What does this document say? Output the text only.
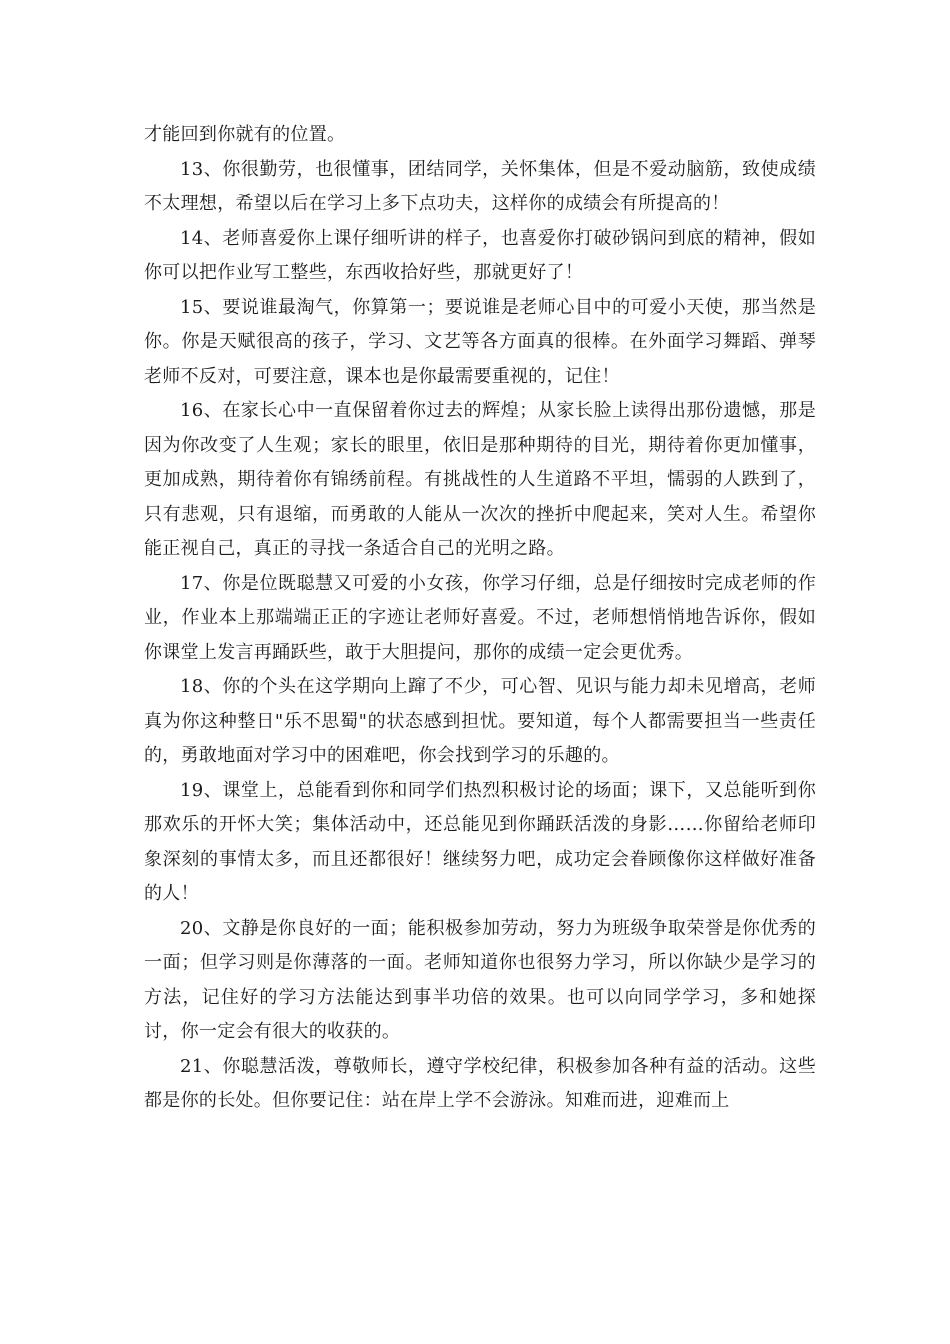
才能回到你就有的位置。

13、你很勤劳，也很懂事，团结同学，关怀集体，但是不爱动脑筋，致使成绩不太理想，希望以后在学习上多下点功夫，这样你的成绩会有所提高的！

14、老师喜爱你上课仔细听讲的样子，也喜爱你打破砂锅问到底的精神，假如你可以把作业写工整些，东西收拾好些，那就更好了！

15、要说谁最淘气，你算第一；要说谁是老师心目中的可爱小天使，那当然是你。你是天赋很高的孩子，学习、文艺等各方面真的很棒。在外面学习舞蹈、弹琴老师不反对，可要注意，课本也是你最需要重视的，记住！

16、在家长心中一直保留着你过去的辉煌；从家长脸上读得出那份遗憾，那是因为你改变了人生观；家长的眼里，依旧是那种期待的目光，期待着你更加懂事，更加成熟，期待着你有锦绣前程。有挑战性的人生道路不平坦，懦弱的人跌到了，只有悲观，只有退缩，而勇敢的人能从一次次的挫折中爬起来，笑对人生。希望你能正视自己，真正的寻找一条适合自己的光明之路。

17、你是位既聪慧又可爱的小女孩，你学习仔细，总是仔细按时完成老师的作业，作业本上那端端正正的字迹让老师好喜爱。不过，老师想悄悄地告诉你，假如你课堂上发言再踊跃些，敢于大胆提问，那你的成绩一定会更优秀。

18、你的个头在这学期向上蹿了不少，可心智、见识与能力却未见增高，老师真为你这种整日"乐不思蜀"的状态感到担忧。要知道，每个人都需要担当一些责任的，勇敢地面对学习中的困难吧，你会找到学习的乐趣的。

19、课堂上，总能看到你和同学们热烈积极讨论的场面；课下，又总能听到你那欢乐的开怀大笑；集体活动中，还总能见到你踊跃活泼的身影……你留给老师印象深刻的事情太多，而且还都很好！继续努力吧，成功定会眷顾像你这样做好准备的人！

20、文静是你良好的一面；能积极参加劳动，努力为班级争取荣誉是你优秀的一面；但学习则是你薄落的一面。老师知道你也很努力学习，所以你缺少是学习的方法，记住好的学习方法能达到事半功倍的效果。也可以向同学学习，多和她探讨，你一定会有很大的收获的。

21、你聪慧活泼，尊敬师长，遵守学校纪律，积极参加各种有益的活动。这些都是你的长处。但你要记住：站在岸上学不会游泳。知难而进，迎难而上
